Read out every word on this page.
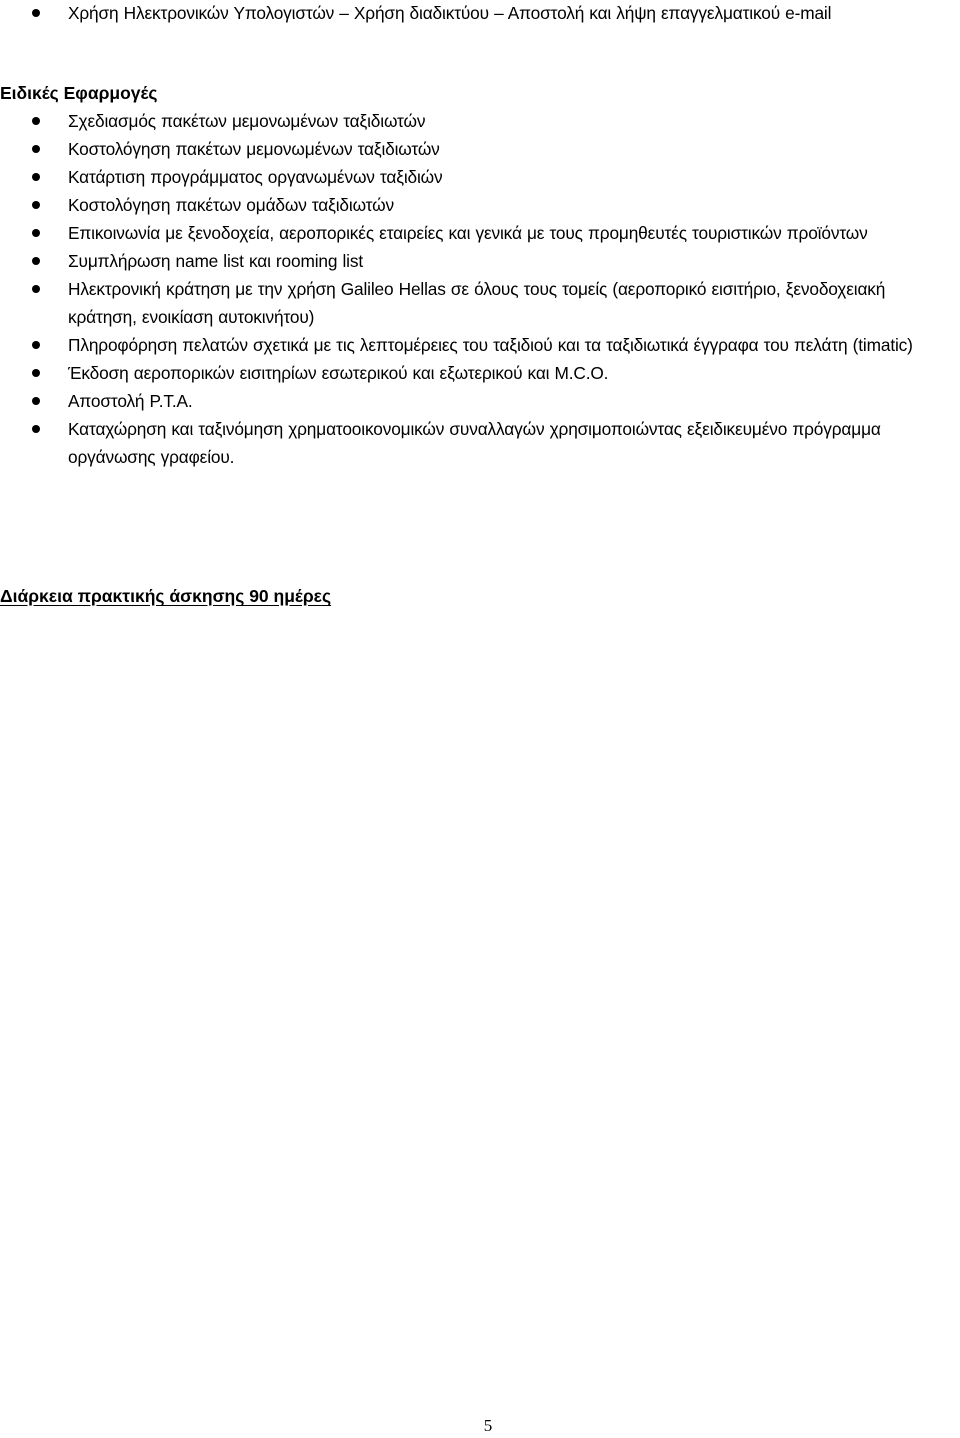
Χρήση Ηλεκτρονικών Υπολογιστών – Χρήση διαδικτύου – Αποστολή και λήψη επαγγελματικού e-mail
Ειδικές Εφαρμογές
Σχεδιασμός πακέτων μεμονωμένων ταξιδιωτών
Κοστολόγηση πακέτων μεμονωμένων ταξιδιωτών
Κατάρτιση προγράμματος οργανωμένων ταξιδιών
Κοστολόγηση πακέτων ομάδων ταξιδιωτών
Επικοινωνία με ξενοδοχεία, αεροπορικές εταιρείες και γενικά με τους προμηθευτές τουριστικών προϊόντων
Συμπλήρωση name list και rooming list
Ηλεκτρονική κράτηση με την χρήση Galileo Hellas σε όλους τους τομείς (αεροπορικό εισιτήριο, ξενοδοχειακή κράτηση, ενοικίαση αυτοκινήτου)
Πληροφόρηση πελατών σχετικά με τις λεπτομέρειες του ταξιδιού και τα ταξιδιωτικά έγγραφα του πελάτη (timatic)
Έκδοση αεροπορικών εισιτηρίων εσωτερικού και εξωτερικού και M.C.O.
Αποστολή P.T.A.
Καταχώρηση και ταξινόμηση χρηματοοικονομικών συναλλαγών χρησιμοποιώντας εξειδικευμένο πρόγραμμα οργάνωσης γραφείου.
Διάρκεια πρακτικής άσκησης 90 ημέρες
5
